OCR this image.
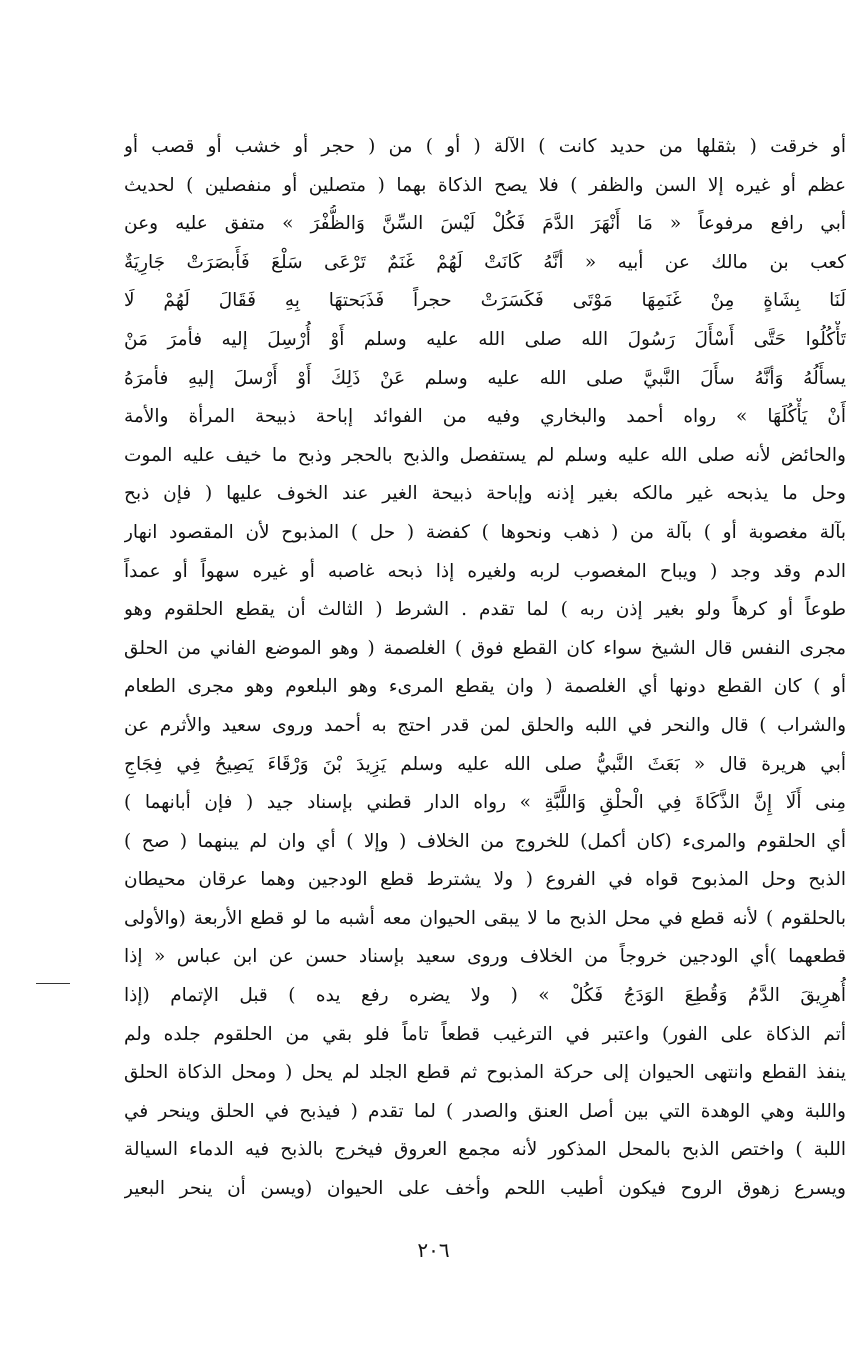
أو خرقت ( بثقلها من حديد كانت ) الآلة ( أو ) من ( حجر أو خشب أو قصب أو
عظم أو غيره إلا السن والظفر ) فلا يصح الذكاة بهما ( متصلين أو منفصلين ) لحديث
أبي رافع مرفوعاً « مَا أَنْهَرَ الدَّمَ فَكُلْ لَيْسَ السِّنَّ وَالظُّفْرَ » متفق عليه وعن
كعب بن مالك عن أبيه « أنَّهُ كَانَتْ لَهُمْ غَنَمٌ تَرْعَى سَلْعَ فَأَبصَرَتْ جَارِيَةٌ
لَنَا بِشَاةٍ مِنْ غَنَمِهَا مَوْتَى فَكَسَرَتْ حجراً فَذَبَحتهَا بِهِ فَقَالَ لَهُمْ لَا
تَأْكُلُوا حَتَّى أَسْأَلَ رَسُولَ الله صلى الله عليه وسلم أَوْ أُرْسِلَ إليه فأمرَ مَنْ
يسأَلُهُ وَأنَّهُ سأَلَ النَّبيَّ صلى الله عليه وسلم عَنْ ذَلِكَ أَوْ أَرْسلَ إليهِ فأمرَهُ
أَنْ يَأْكُلَهَا » رواه أحمد والبخاري وفيه من الفوائد إباحة ذبيحة المرأة والأمة
والحائض لأنه صلى الله عليه وسلم لم يستفصل والذبح بالحجر وذبح ما خيف عليه الموت
وحل ما يذبحه غير مالكه بغير إذنه وإباحة ذبيحة الغير عند الخوف عليها ( فإن ذبح
بآلة مغصوبة أو ) بآلة من ( ذهب ونحوها ) كفضة ( حل ) المذبوح لأن المقصود انهار
الدم وقد وجد ( ويباح المغصوب لربه ولغيره إذا ذبحه غاصبه أو غيره سهواً أو عمداً
طوعاً أو كرهاً ولو بغير إذن ربه ) لما تقدم . الشرط ( الثالث أن يقطع الحلقوم وهو
مجرى النفس قال الشيخ سواء كان القطع فوق ) الغلصمة ( وهو الموضع الفاني من الحلق
أو ) كان القطع دونها أي الغلصمة ( وان يقطع المرىء وهو البلعوم وهو مجرى الطعام
والشراب ) قال والنحر في اللبه والحلق لمن قدر احتج به أحمد وروى سعيد والأثرم عن
أبي هريرة قال « بَعَثَ النَّبيُّ صلى الله عليه وسلم يَزِيدَ بْنَ وَرْقَاءَ يَصِيحُ فِي فِجَاجِ
مِنى أَلَا إِنَّ الذَّكَاةَ فِي الْحلْقِ وَاللَّبَّةِ » رواه الدار قطني بإسناد جيد ( فإن أبانهما )
أي الحلقوم والمرىء (كان أكمل) للخروج من الخلاف ( وإلا ) أي وان لم يبنهما ( صح )
الذبح وحل المذبوح قواه في الفروع ( ولا يشترط قطع الودجين وهما عرقان محيطان
بالحلقوم ) لأنه قطع في محل الذبح ما لا يبقى الحيوان معه أشبه ما لو قطع الأربعة (والأولى
قطعهما )أي الودجين خروجاً من الخلاف وروى سعيد بإسناد حسن عن ابن عباس « إذا
أُهرِيقَ الدَّمُ وَقُطِعَ الوَدَجُ فَكُلْ » ( ولا يضره رفع يده ) قبل الإتمام (إذا
أتم الذكاة على الفور) واعتبر في الترغيب قطعاً تاماً فلو بقي من الحلقوم جلده ولم
ينفذ القطع وانتهى الحيوان إلى حركة المذبوح ثم قطع الجلد لم يحل ( ومحل الذكاة الحلق
واللبة وهي الوهدة التي بين أصل العنق والصدر ) لما تقدم ( فيذبح في الحلق وينحر في
اللبة ) واختص الذبح بالمحل المذكور لأنه مجمع العروق فيخرج بالذبح فيه الدماء السيالة
ويسرع زهوق الروح فيكون أطيب اللحم وأخف على الحيوان (ويسن أن ينحر البعير
٢٠٦
